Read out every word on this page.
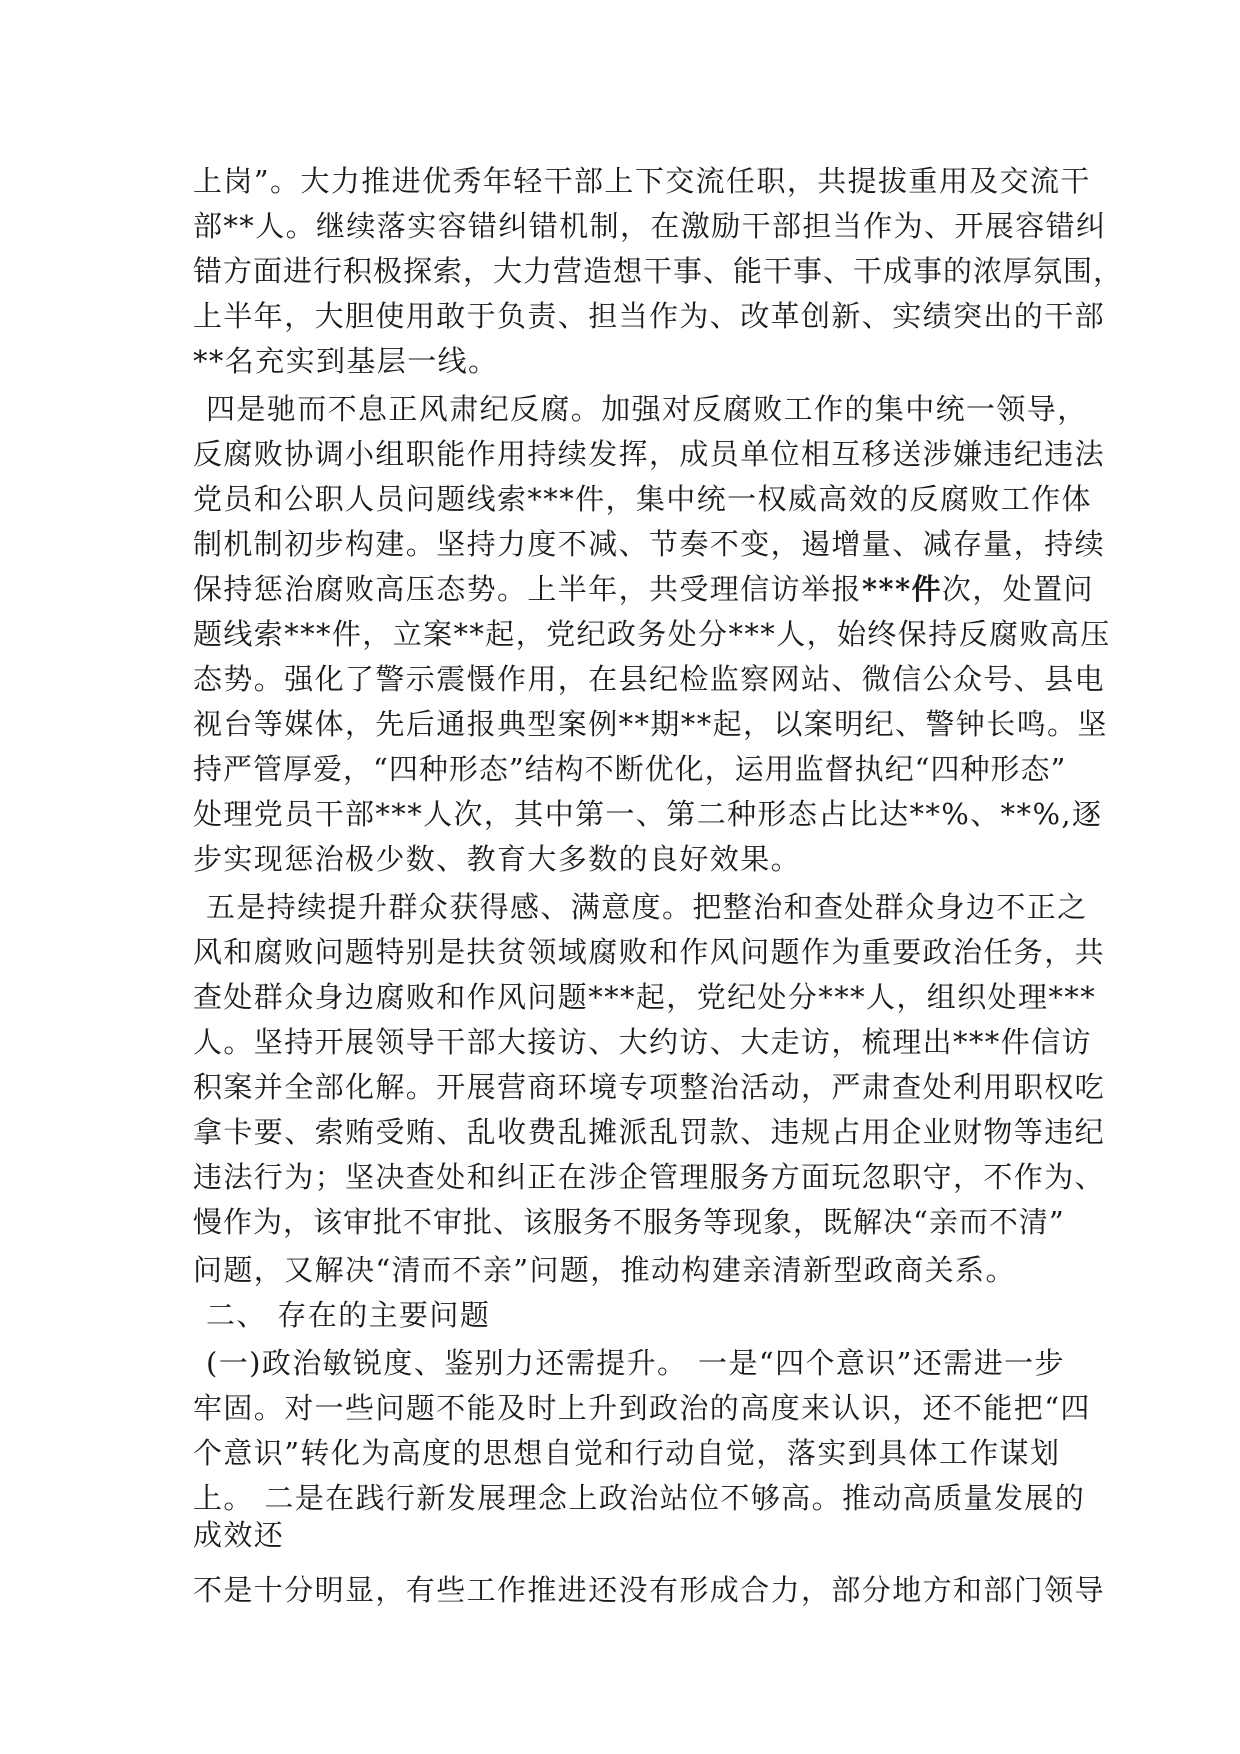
上岗”。大力推进优秀年轻干部上下交流任职，共提拔重用及交流干
部**人。继续落实容错纠错机制，在激励干部担当作为、开展容错纠
错方面进行积极探索，大力营造想干事、能干事、干成事的浓厚氛围，
上半年，大胆使用敢于负责、担当作为、改革创新、实绩突出的干部
**名充实到基层一线。
四是驰而不息正风肃纪反腐。加强对反腐败工作的集中统一领导，
反腐败协调小组职能作用持续发挥，成员单位相互移送涉嫌违纪违法
党员和公职人员问题线索***件，集中统一权威高效的反腐败工作体
制机制初步构建。坚持力度不减、节奏不变，遏增量、减存量，持续
保持惩治腐败高压态势。上半年，共受理信访举报***件次，处置问
题线索***件，立案**起，党纪政务处分***人，始终保持反腐败高压
态势。强化了警示震慑作用，在县纪检监察网站、微信公众号、县电
视台等媒体，先后通报典型案例**期**起，以案明纪、警钟长鸣。坚
持严管厚爱，“四种形态”结构不断优化，运用监督执纪“四种形态”
处理党员干部***人次，其中第一、第二种形态占比达**%、**%,逐
步实现惩治极少数、教育大多数的良好效果。
五是持续提升群众获得感、满意度。把整治和查处群众身边不正之
风和腐败问题特别是扶贫领域腐败和作风问题作为重要政治任务，共
查处群众身边腐败和作风问题***起，党纪处分***人，组织处理***
人。坚持开展领导干部大接访、大约访、大走访，梳理出***件信访
积案并全部化解。开展营商环境专项整治活动，严肃查处利用职权吃
拿卡要、索贿受贿、乱收费乱摊派乱罚款、违规占用企业财物等违纪
违法行为；坚决查处和纠正在涉企管理服务方面玩忽职守，不作为、
慢作为，该审批不审批、该服务不服务等现象，既解决“亲而不清”
问题，又解决“清而不亲”问题，推动构建亲清新型政商关系。
二、 存在的主要问题
(一)政治敏锐度、鉴别力还需提升。 一是“四个意识”还需进一步
牢固。对一些问题不能及时上升到政治的高度来认识，还不能把“四
个意识”转化为高度的思想自觉和行动自觉，落实到具体工作谋划
上。 二是在践行新发展理念上政治站位不够高。推动高质量发展的
成效还
不是十分明显，有些工作推进还没有形成合力，部分地方和部门领导
